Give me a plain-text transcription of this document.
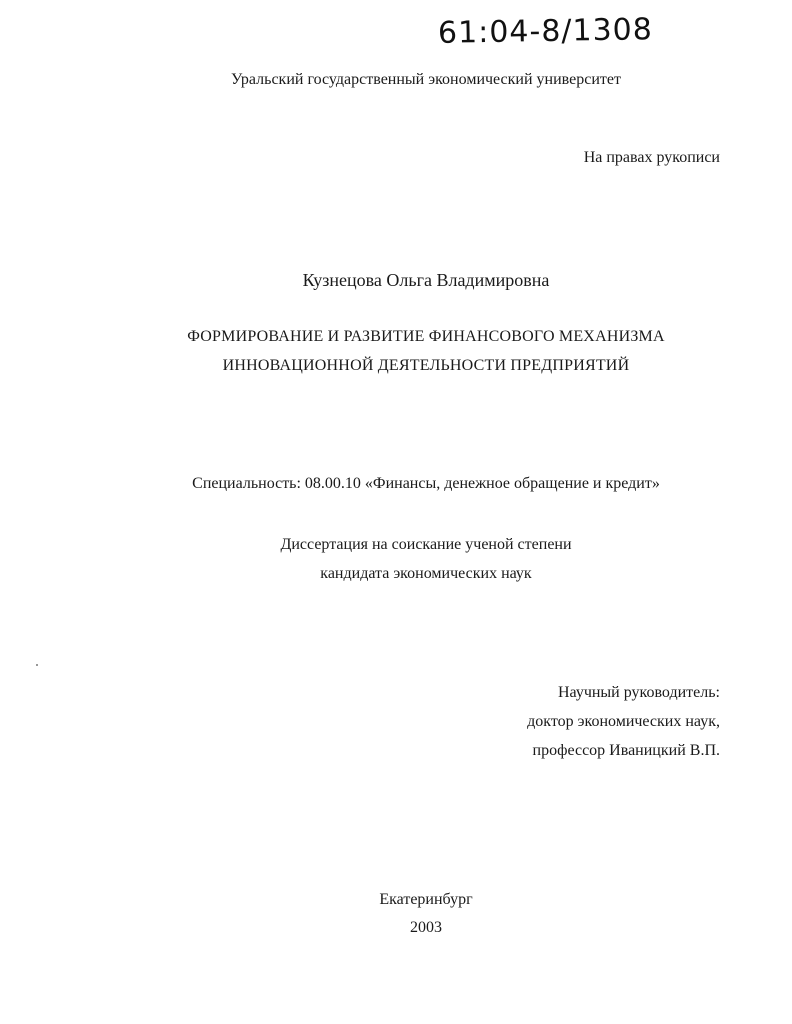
61:04-8/1308
Уральский государственный экономический университет
На правах рукописи
Кузнецова Ольга Владимировна
ФОРМИРОВАНИЕ И РАЗВИТИЕ ФИНАНСОВОГО МЕХАНИЗМА
ИННОВАЦИОННОЙ ДЕЯТЕЛЬНОСТИ ПРЕДПРИЯТИЙ
Специальность: 08.00.10 «Финансы, денежное обращение и кредит»
Диссертация на соискание ученой степени
кандидата экономических наук
Научный руководитель:
доктор экономических наук,
профессор Иваницкий В.П.
Екатеринбург
2003
